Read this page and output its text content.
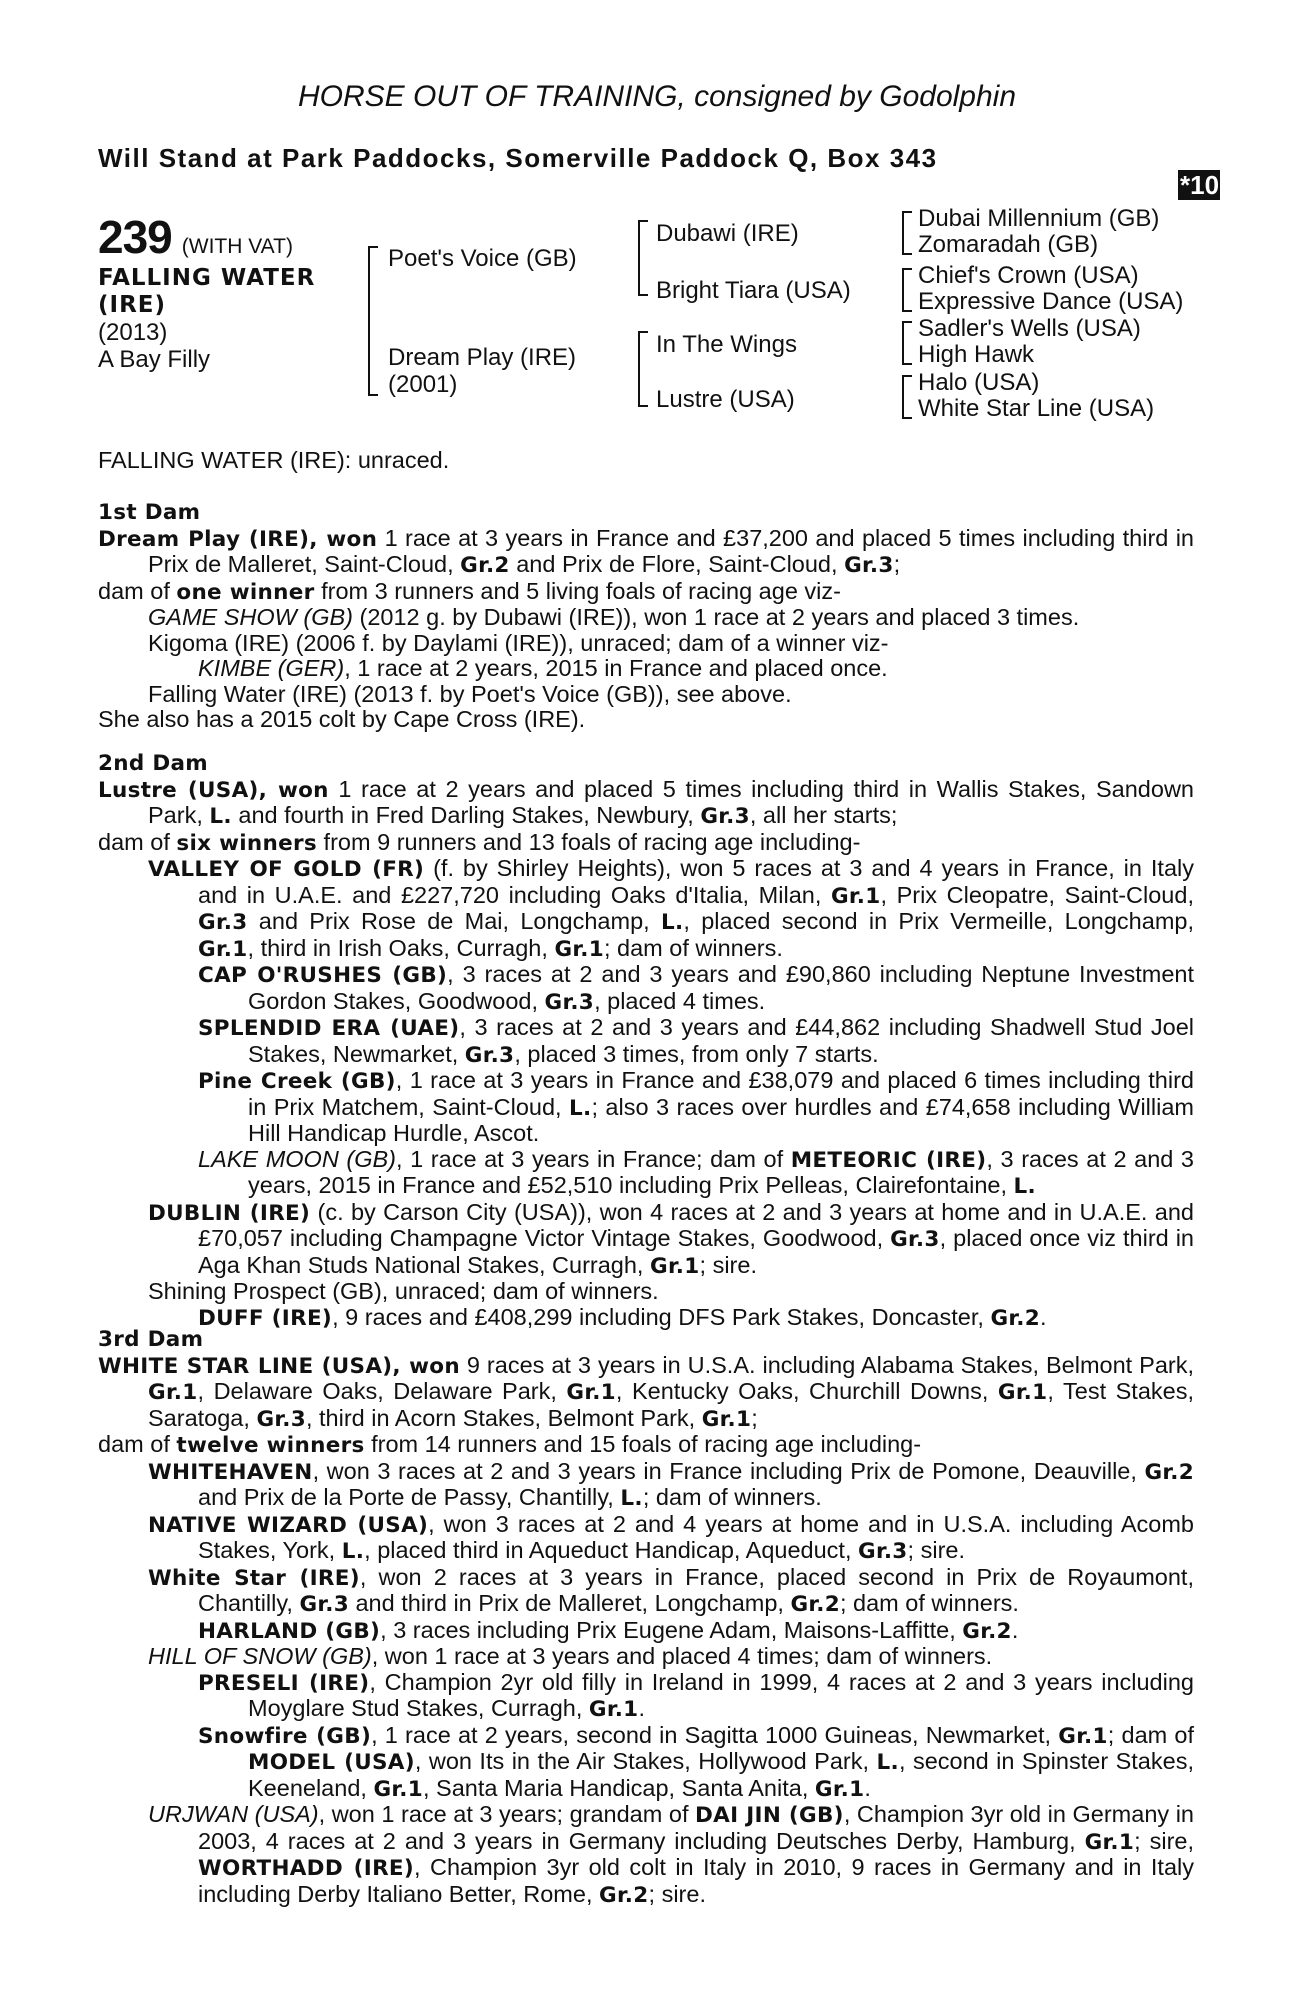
HORSE OUT OF TRAINING, consigned by Godolphin
Will Stand at Park Paddocks, Somerville Paddock Q, Box 343
*10
239 (WITH VAT)
FALLING WATER
(IRE)
(2013)
A Bay Filly
Poet's Voice (GB)
Dream Play (IRE)
(2001)
Dubawi (IRE)
Bright Tiara (USA)
In The Wings
Lustre (USA)
Dubai Millennium (GB)
Zomaradah (GB)
Chief's Crown (USA)
Expressive Dance (USA)
Sadler's Wells (USA)
High Hawk
Halo (USA)
White Star Line (USA)
FALLING WATER (IRE): unraced.

1st Dam

Dream Play (IRE), won 1 race at 3 years in France and £37,200 and placed 5 times including third in Prix de Malleret, Saint-Cloud, Gr.2 and Prix de Flore, Saint-Cloud, Gr.3;

dam of one winner from 3 runners and 5 living foals of racing age viz-

GAME SHOW (GB) (2012 g. by Dubawi (IRE)), won 1 race at 2 years and placed 3 times.

Kigoma (IRE) (2006 f. by Daylami (IRE)), unraced; dam of a winner viz-

KIMBE (GER), 1 race at 2 years, 2015 in France and placed once.

Falling Water (IRE) (2013 f. by Poet's Voice (GB)), see above.

She also has a 2015 colt by Cape Cross (IRE).

2nd Dam

Lustre (USA), won 1 race at 2 years and placed 5 times including third in Wallis Stakes, Sandown Park, L. and fourth in Fred Darling Stakes, Newbury, Gr.3, all her starts;

dam of six winners from 9 runners and 13 foals of racing age including-

VALLEY OF GOLD (FR) (f. by Shirley Heights), won 5 races at 3 and 4 years in France, in Italy and in U.A.E. and £227,720 including Oaks d'Italia, Milan, Gr.1, Prix Cleopatre, Saint-Cloud, Gr.3 and Prix Rose de Mai, Longchamp, L., placed second in Prix Vermeille, Longchamp, Gr.1, third in Irish Oaks, Curragh, Gr.1; dam of winners.

CAP O'RUSHES (GB), 3 races at 2 and 3 years and £90,860 including Neptune Investment Gordon Stakes, Goodwood, Gr.3, placed 4 times.

SPLENDID ERA (UAE), 3 races at 2 and 3 years and £44,862 including Shadwell Stud Joel Stakes, Newmarket, Gr.3, placed 3 times, from only 7 starts.

Pine Creek (GB), 1 race at 3 years in France and £38,079 and placed 6 times including third in Prix Matchem, Saint-Cloud, L.; also 3 races over hurdles and £74,658 including William Hill Handicap Hurdle, Ascot.

LAKE MOON (GB), 1 race at 3 years in France; dam of METEORIC (IRE), 3 races at 2 and 3 years, 2015 in France and £52,510 including Prix Pelleas, Clairefontaine, L.

DUBLIN (IRE) (c. by Carson City (USA)), won 4 races at 2 and 3 years at home and in U.A.E. and £70,057 including Champagne Victor Vintage Stakes, Goodwood, Gr.3, placed once viz third in Aga Khan Studs National Stakes, Curragh, Gr.1; sire.

Shining Prospect (GB), unraced; dam of winners.

DUFF (IRE), 9 races and £408,299 including DFS Park Stakes, Doncaster, Gr.2.

3rd Dam

WHITE STAR LINE (USA), won 9 races at 3 years in U.S.A. including Alabama Stakes, Belmont Park, Gr.1, Delaware Oaks, Delaware Park, Gr.1, Kentucky Oaks, Churchill Downs, Gr.1, Test Stakes, Saratoga, Gr.3, third in Acorn Stakes, Belmont Park, Gr.1;

dam of twelve winners from 14 runners and 15 foals of racing age including-

WHITEHAVEN, won 3 races at 2 and 3 years in France including Prix de Pomone, Deauville, Gr.2 and Prix de la Porte de Passy, Chantilly, L.; dam of winners.

NATIVE WIZARD (USA), won 3 races at 2 and 4 years at home and in U.S.A. including Acomb Stakes, York, L., placed third in Aqueduct Handicap, Aqueduct, Gr.3; sire.

White Star (IRE), won 2 races at 3 years in France, placed second in Prix de Royaumont, Chantilly, Gr.3 and third in Prix de Malleret, Longchamp, Gr.2; dam of winners.

HARLAND (GB), 3 races including Prix Eugene Adam, Maisons-Laffitte, Gr.2.

HILL OF SNOW (GB), won 1 race at 3 years and placed 4 times; dam of winners.

PRESELI (IRE), Champion 2yr old filly in Ireland in 1999, 4 races at 2 and 3 years including Moyglare Stud Stakes, Curragh, Gr.1.

Snowfire (GB), 1 race at 2 years, second in Sagitta 1000 Guineas, Newmarket, Gr.1; dam of MODEL (USA), won Its in the Air Stakes, Hollywood Park, L., second in Spinster Stakes, Keeneland, Gr.1, Santa Maria Handicap, Santa Anita, Gr.1.

URJWAN (USA), won 1 race at 3 years; grandam of DAI JIN (GB), Champion 3yr old in Germany in 2003, 4 races at 2 and 3 years in Germany including Deutsches Derby, Hamburg, Gr.1; sire, WORTHADD (IRE), Champion 3yr old colt in Italy in 2010, 9 races in Germany and in Italy including Derby Italiano Better, Rome, Gr.2; sire.
